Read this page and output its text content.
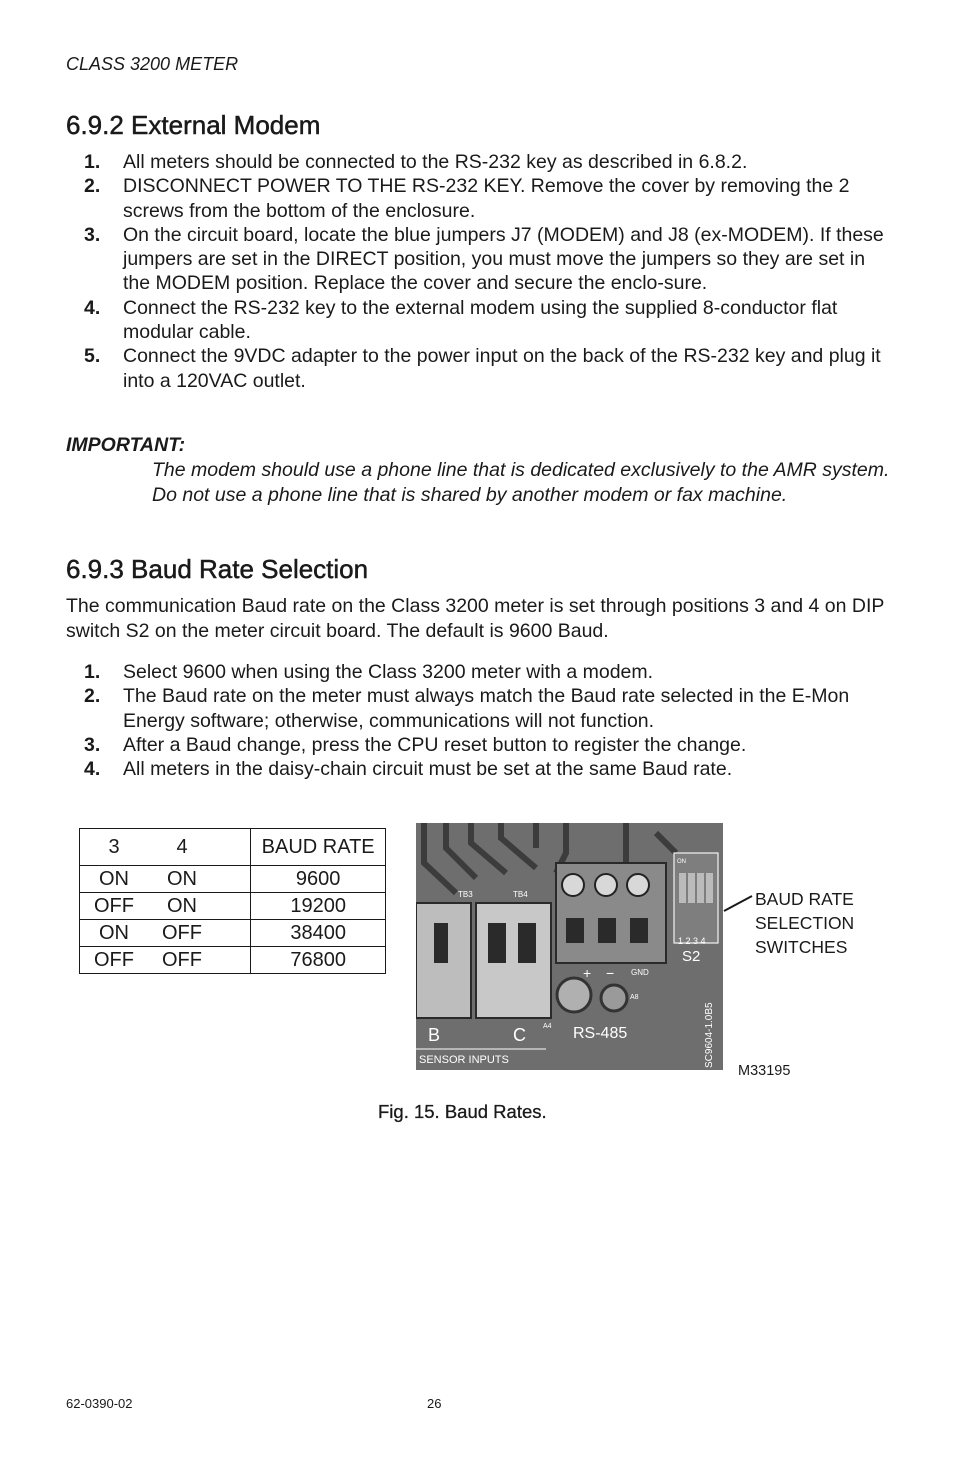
CLASS 3200 METER
6.9.2 External Modem
1.	All meters should be connected to the RS-232 key as described in 6.8.2.
2.	DISCONNECT POWER TO THE RS-232 KEY. Remove the cover by removing the 2 screws from the bottom of the enclosure.
3.	On the circuit board, locate the blue jumpers J7 (MODEM) and J8 (ex-MODEM). If these jumpers are set in the DIRECT position, you must move the jumpers so they are set in the MODEM position. Replace the cover and secure the enclo-sure.
4.	Connect the RS-232 key to the external modem using the supplied 8-conductor flat modular cable.
5.	Connect the 9VDC adapter to the power input on the back of the RS-232 key and plug it into a 120VAC outlet.
IMPORTANT:
The modem should use a phone line that is dedicated exclusively to the AMR system. Do not use a phone line that is shared by another modem or fax machine.
6.9.3 Baud Rate Selection
The communication Baud rate on the Class 3200 meter is set through positions 3 and 4 on DIP switch S2 on the meter circuit board. The default is 9600 Baud.
1.	Select 9600 when using the Class 3200 meter with a modem.
2.	The Baud rate on the meter must always match the Baud rate selected in the E-Mon Energy software; otherwise, communications will not function.
3.	After a Baud change, press the CPU reset button to register the change.
4.	All meters in the daisy-chain circuit must be set at the same Baud rate.
3 4	BAUD RATE

ON ON	9600

OFF ON	19200

ON OFF	38400

OFF OFF	76800
TB3	TB4
+ − GND
A8
RS-485
B	C A4
SENSOR INPUTS
ON
1 2 3 4
S2
SC9604-1.0B5
BAUD RATE
SELECTION
SWITCHES
M33195
Fig. 15. Baud Rates.
62-0390-02	26
